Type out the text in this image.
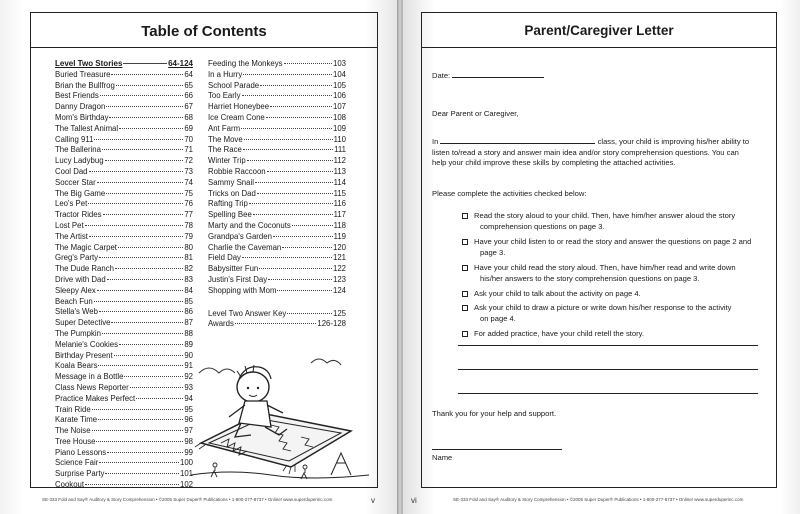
Table of Contents
Level Two Stories	64-124
Buried Treasure	64
Brian the Bullfrog	65
Best Friends	66
Danny Dragon	67
Mom's Birthday	68
The Tallest Animal	69
Calling 911	70
The Ballerina	71
Lucy Ladybug	72
Cool Dad	73
Soccer Star	74
The Big Game	75
Leo's Pet	76
Tractor Rides	77
Lost Pet	78
The Artist	79
The Magic Carpet	80
Greg's Party	81
The Dude Ranch	82
Drive with Dad	83
Sleepy Alex	84
Beach Fun	85
Stella's Web	86
Super Detective	87
The Pumpkin	88
Melanie's Cookies	89
Birthday Present	90
Koala Bears	91
Message in a Bottle	92
Class News Reporter	93
Practice Makes Perfect	94
Train Ride	95
Karate Time	96
The Noise	97
Tree House	98
Piano Lessons	99
Science Fair	100
Surprise Party	101
Cookout	102
Feeding the Monkeys	103
In a Hurry	104
School Parade	105
Too Early	106
Harriet Honeybee	107
Ice Cream Cone	108
Ant Farm	109
The Move	110
The Race	111
Winter Trip	112
Robbie Raccoon	113
Sammy Snail	114
Tricks on Dad	115
Rafting Trip	116
Spelling Bee	117
Marty and the Coconuts	118
Grandpa's Garden	119
Charlie the Caveman	120
Field Day	121
Babysitter Fun	122
Justin's First Day	123
Shopping with Mom	124
Level Two Answer Key	125
Awards	126-128
SE-333 Fold and Say® Auditory & Story Comprehension • ©2005 Super Duper® Publications • 1-800-277-8737 • Online! www.superduperinc.com	v
Parent/Caregiver Letter
Date:
Dear Parent or Caregiver,
In	class, your child is improving his/her ability to
listen to/read a story and answer main idea and/or story comprehension questions. You can
help your child improve these skills by completing the attached activities.
Please complete the activities checked below:
Read the story aloud to your child. Then, have him/her answer aloud the story
comprehension questions on page 3.
Have your child listen to or read the story and answer the questions on page 2 and
page 3.
Have your child read the story aloud. Then, have him/her read and write down
his/her answers to the story comprehension questions on page 3.
Ask your child to talk about the activity on page 4.
Ask your child to draw a picture or write down his/her response to the activity
on page 4.
For added practice, have your child retell the story.
Thank you for your help and support.
Name
SE-333 Fold and Say® Auditory & Story Comprehension • ©2005 Super Duper® Publications • 1-800-277-8737 • Online! www.superduperinc.com
vi
